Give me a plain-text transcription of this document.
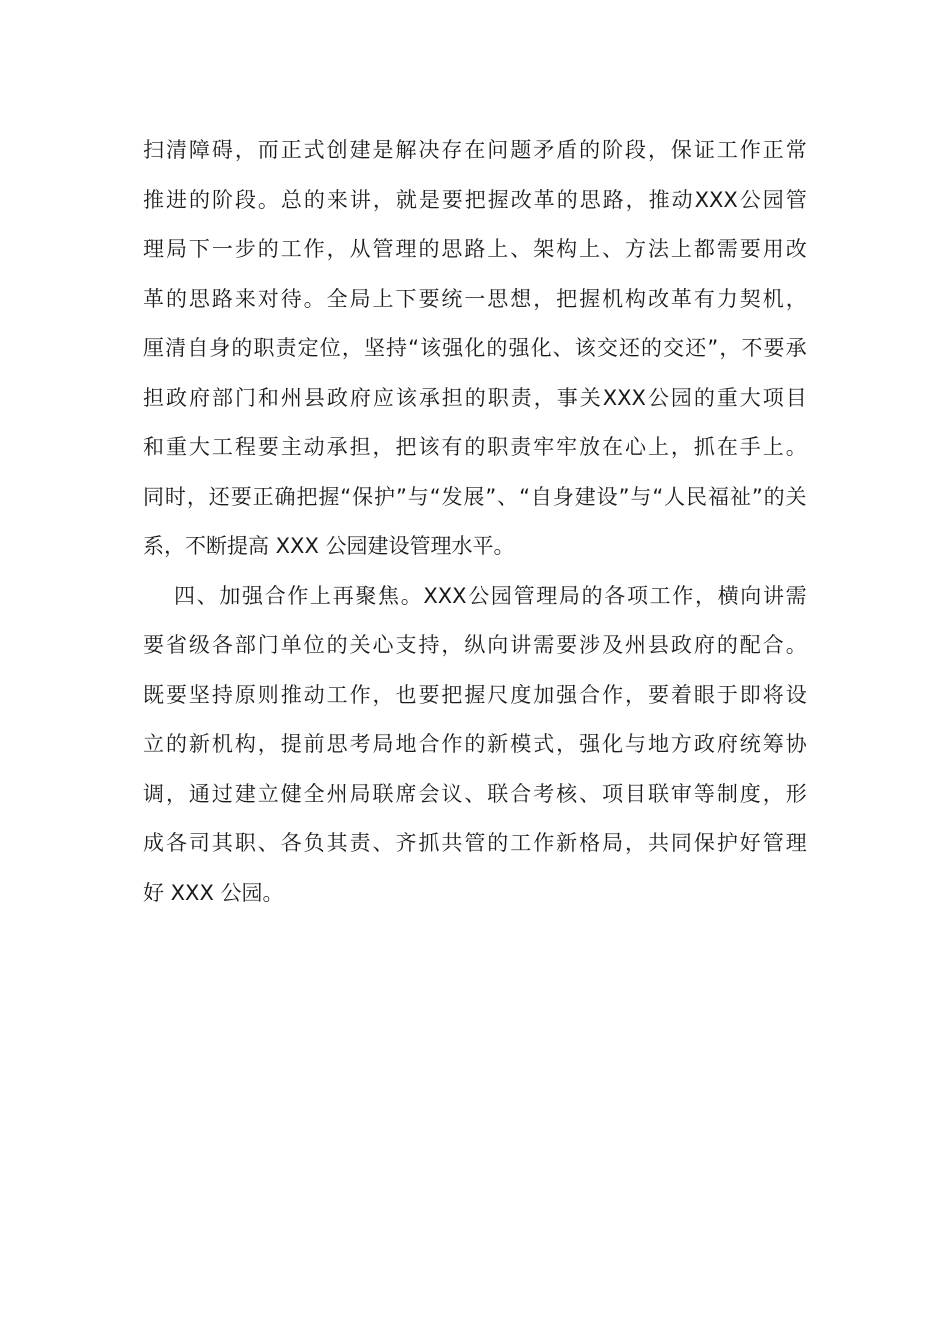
扫 清 障 碍 ， 而 正 式 创 建 是 解 决 存 在 问 题 矛 盾 的 阶 段 ， 保 证 工 作 正 常
推 进 的 阶 段 。 总 的 来 讲 ， 就 是 要 把 握 改 革 的 思 路 ， 推 动 XXX 公 园 管
理 局 下 一 步 的 工 作 ， 从 管 理 的 思 路 上 、 架 构 上 、 方 法 上 都 需 要 用 改
革 的 思 路 来 对 待 。 全 局 上 下 要 统 一 思 想 ， 把 握 机 构 改 革 有 力 契 机 ，
厘 清 自 身 的 职 责 定 位 ， 坚 持 “ 该 强 化 的 强 化 、 该 交 还 的 交 还 ” ， 不 要 承
担 政 府 部 门 和 州 县 政 府 应 该 承 担 的 职 责 ， 事 关 XXX 公 园 的 重 大 项 目
和 重 大 工 程 要 主 动 承 担 ， 把 该 有 的 职 责 牢 牢 放 在 心 上 ， 抓 在 手 上 。
同 时 ， 还 要 正 确 把 握 “ 保 护 ” 与 “ 发 展 ” 、 “ 自 身 建 设 ” 与 “ 人 民 福 祉 ” 的 关
系，不断提高 XXX 公园建设管理水平。
四 、 加 强 合 作 上 再 聚 焦 。 XXX 公 园 管 理 局 的 各 项 工 作 ， 横 向 讲 需
要 省 级 各 部 门 单 位 的 关 心 支 持 ， 纵 向 讲 需 要 涉 及 州 县 政 府 的 配 合 。
既 要 坚 持 原 则 推 动 工 作 ， 也 要 把 握 尺 度 加 强 合 作 ， 要 着 眼 于 即 将 设
立 的 新 机 构 ， 提 前 思 考 局 地 合 作 的 新 模 式 ， 强 化 与 地 方 政 府 统 筹 协
调 ， 通 过 建 立 健 全 州 局 联 席 会 议 、 联 合 考 核 、 项 目 联 审 等 制 度 ， 形
成 各 司 其 职 、 各 负 其 责 、 齐 抓 共 管 的 工 作 新 格 局 ， 共 同 保 护 好 管 理
好 XXX 公园。
